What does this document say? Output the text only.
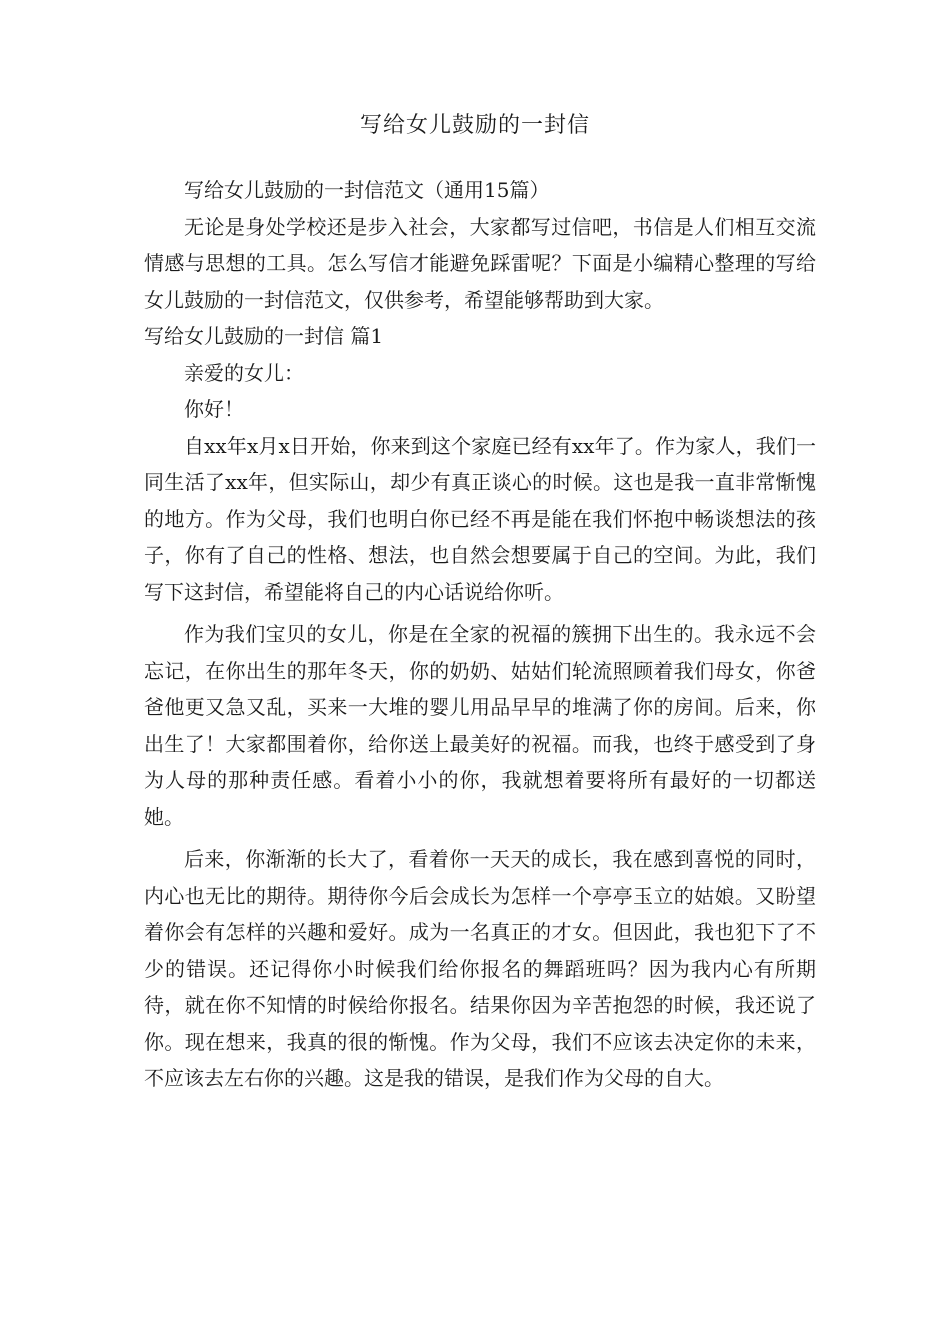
写给女儿鼓励的一封信

写给女儿鼓励的一封信范文（通用15篇）

无论是身处学校还是步入社会，大家都写过信吧，书信是人们相互交流情感与思想的工具。怎么写信才能避免踩雷呢？下面是小编精心整理的写给女儿鼓励的一封信范文，仅供参考，希望能够帮助到大家。

写给女儿鼓励的一封信 篇1

亲爱的女儿：

你好！

自xx年x月x日开始，你来到这个家庭已经有xx年了。作为家人，我们一同生活了xx年，但实际山，却少有真正谈心的时候。这也是我一直非常惭愧的地方。作为父母，我们也明白你已经不再是能在我们怀抱中畅谈想法的孩子，你有了自己的性格、想法，也自然会想要属于自己的空间。为此，我们写下这封信，希望能将自己的内心话说给你听。

作为我们宝贝的女儿，你是在全家的祝福的簇拥下出生的。我永远不会忘记，在你出生的那年冬天，你的奶奶、姑姑们轮流照顾着我们母女，你爸爸他更又急又乱，买来一大堆的婴儿用品早早的堆满了你的房间。后来，你出生了！大家都围着你，给你送上最美好的祝福。而我，也终于感受到了身为人母的那种责任感。看着小小的你，我就想着要将所有最好的一切都送她。

后来，你渐渐的长大了，看着你一天天的成长，我在感到喜悦的同时，内心也无比的期待。期待你今后会成长为怎样一个亭亭玉立的姑娘。又盼望着你会有怎样的兴趣和爱好。成为一名真正的才女。但因此，我也犯下了不少的错误。还记得你小时候我们给你报名的舞蹈班吗？因为我内心有所期待，就在你不知情的时候给你报名。结果你因为辛苦抱怨的时候，我还说了你。现在想来，我真的很的惭愧。作为父母，我们不应该去决定你的未来，不应该去左右你的兴趣。这是我的错误，是我们作为父母的自大。
